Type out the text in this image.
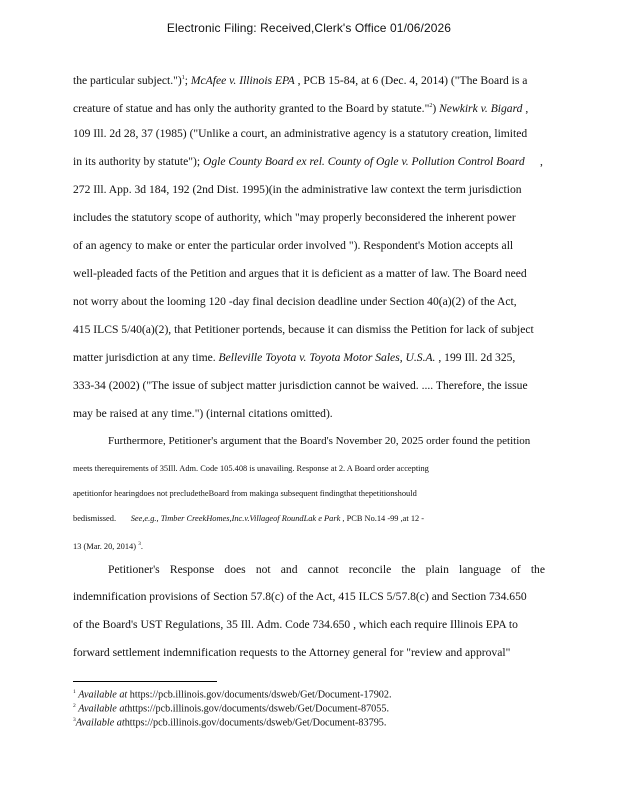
Electronic Filing: Received,Clerk's Office 01/06/2026
the particular subject.")$^1$; McAfee v. Illinois EPA , PCB 15-84, at 6 (Dec. 4, 2014) ("The Board is a
creature of statue and has only the authority granted to the Board by statute."$^2$) Newkirk v. Bigard ,
109 Ill. 2d 28, 37 (1985) ("Unlike a court, an administrative agency is a statutory creation, limited
in its authority by statute"); Ogle County Board ex rel. County of Ogle v. Pollution Control Board ,
272 Ill. App. 3d 184, 192 (2nd Dist. 1995)(in the administrative law context the term jurisdiction
includes the statutory scope of authority, which "may properly beconsidered the inherent power
of an agency to make or enter the particular order involved "). Respondent's Motion accepts all
well-pleaded facts of the Petition and argues that it is deficient as a matter of law. The Board need
not worry about the looming 120 -day final decision deadline under Section 40(a)(2) of the Act,
415 ILCS 5/40(a)(2), that Petitioner portends, because it can dismiss the Petition for lack of subject
matter jurisdiction at any time. Belleville Toyota v. Toyota Motor Sales, U.S.A. , 199 Ill. 2d 325,
333-34 (2002) ("The issue of subject matter jurisdiction cannot be waived. .... Therefore, the issue
may be raised at any time.") (internal citations omitted).
Furthermore, Petitioner's argument that the Board's November 20, 2025 order found the petition
meets therequirements of 35Ill. Adm. Code 105.408 is unavailing. Response at 2. A Board order accepting
apetitionfor hearingdoes not precludetheBoard from makinga subsequent findingthat thepetitionshould
bedismissed. See,e.g., Timber CreekHomes,Inc.v.Villageof RoundLak e Park , PCB No.14 -99 ,at 12 -
13 (Mar. 20, 2014) $^3$.
Petitioner's Response does not and cannot reconcile the plain language of the
indemnification provisions of Section 57.8(c) of the Act, 415 ILCS 5/57.8(c) and Section 734.650
of the Board's UST Regulations, 35 Ill. Adm. Code 734.650 , which each require Illinois EPA to
forward settlement indemnification requests to the Attorney general for "review and approval"
$^1$ Available at https://pcb.illinois.gov/documents/dsweb/Get/Document-17902.
$^2$ Available athttps://pcb.illinois.gov/documents/dsweb/Get/Document-87055.
$^3$Available athttps://pcb.illinois.gov/documents/dsweb/Get/Document-83795.
